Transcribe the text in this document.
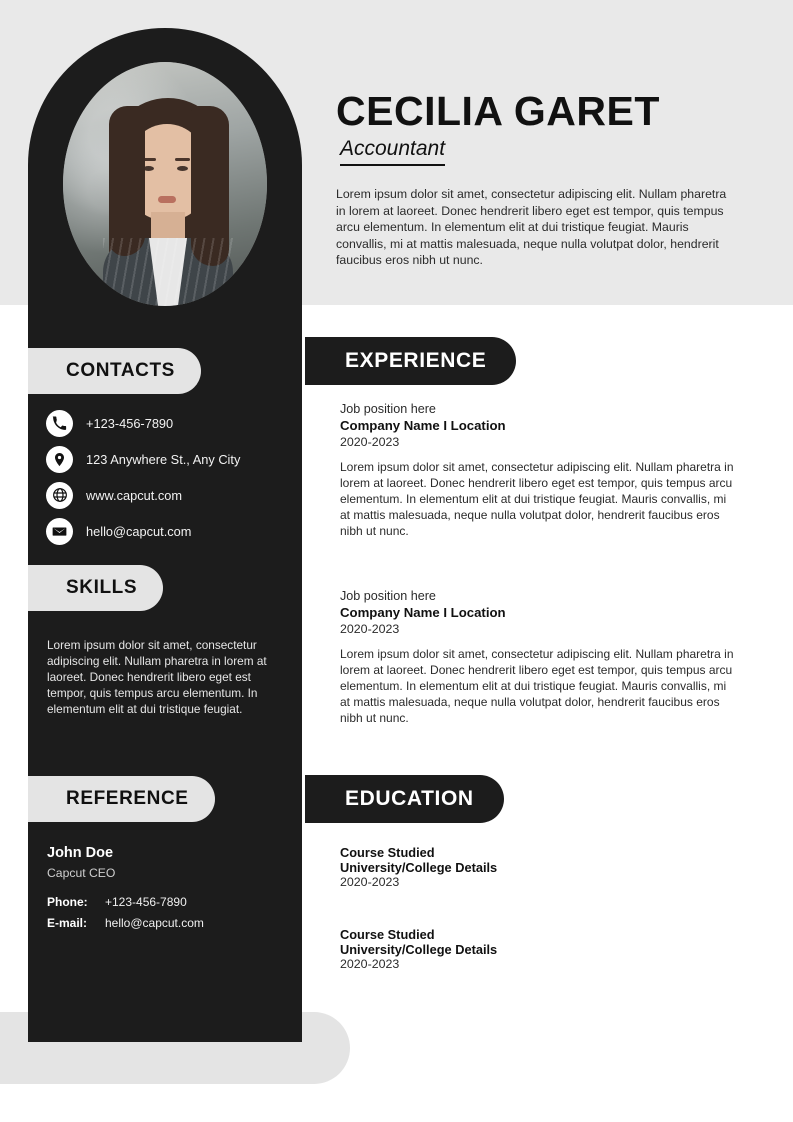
CECILIA GARET
Accountant
Lorem ipsum dolor sit amet, consectetur adipiscing elit. Nullam pharetra in lorem at laoreet. Donec hendrerit libero eget est tempor, quis tempus arcu elementum. In elementum elit at dui tristique feugiat. Mauris convallis, mi at mattis malesuada, neque nulla volutpat dolor, hendrerit faucibus eros nibh ut nunc.
CONTACTS
+123-456-7890
123 Anywhere St., Any City
www.capcut.com
hello@capcut.com
SKILLS
Lorem ipsum dolor sit amet, consectetur adipiscing elit. Nullam pharetra in lorem at laoreet. Donec hendrerit libero eget est tempor, quis tempus arcu elementum. In elementum elit at dui tristique feugiat.
REFERENCE
John Doe
Capcut CEO
Phone:	+123-456-7890
E-mail:	hello@capcut.com
EXPERIENCE
Job position here
Company Name I Location
2020-2023
Lorem ipsum dolor sit amet, consectetur adipiscing elit. Nullam pharetra in lorem at laoreet. Donec hendrerit libero eget est tempor, quis tempus arcu elementum. In elementum elit at dui tristique feugiat. Mauris convallis, mi at mattis malesuada, neque nulla volutpat dolor, hendrerit faucibus eros nibh ut nunc.
Job position here
Company Name I Location
2020-2023
Lorem ipsum dolor sit amet, consectetur adipiscing elit. Nullam pharetra in lorem at laoreet. Donec hendrerit libero eget est tempor, quis tempus arcu elementum. In elementum elit at dui tristique feugiat. Mauris convallis, mi at mattis malesuada, neque nulla volutpat dolor, hendrerit faucibus eros nibh ut nunc.
EDUCATION
Course Studied
University/College Details
2020-2023
Course Studied
University/College Details
2020-2023
